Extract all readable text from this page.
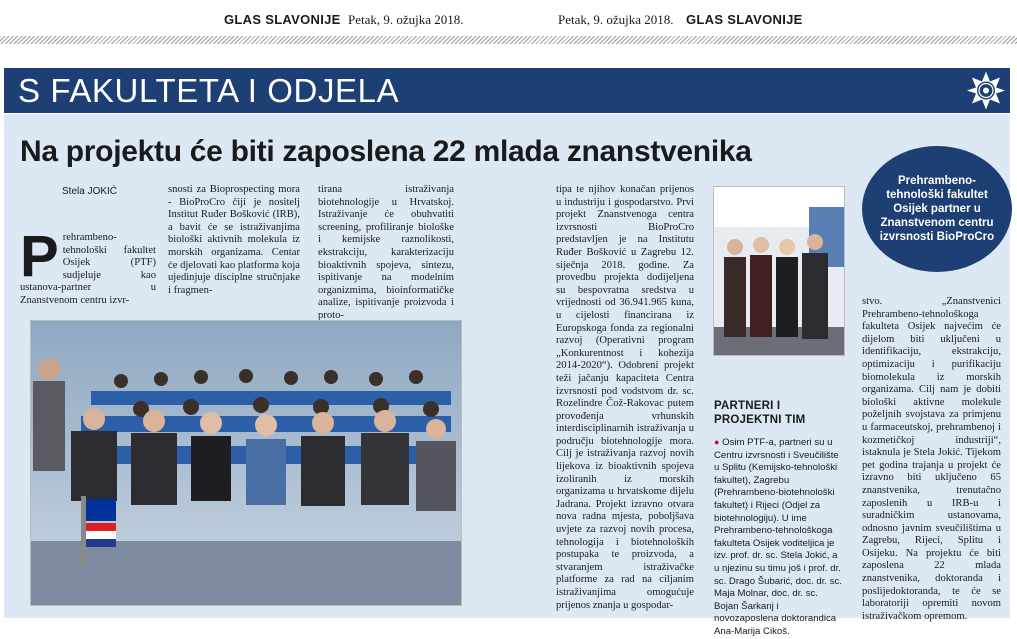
GLAS SLAVONIJE Petak, 9. ožujka 2018.	Petak, 9. ožujka 2018. GLAS SLAVONIJE
S FAKULTETA I ODJELA
Na projektu će biti zaposlena 22 mlada znanstvenika
Stela JOKIĆ
P rehrambeno-tehnološki fakultet Osijek (PTF) sudjeluje kao ustanova-partner u Znanstvenom centru izvr-

snosti za Bioprospecting mora - BioProCro čiji je nositelj Institut Ruđer Bošković (IRB), a bavit će se istraživanjima biološki aktivnih molekula iz morskih organizama. Centar će djelovati kao platforma koja ujedinjuje disciplne stručnjake i fragmen-

tirana istraživanja biotehnologije u Hrvatskoj. Istraživanje će obuhvatiti screening, profiliranje biološke i kemijske raznolikosti, ekstrakciju, karakterizaciju bioaktivnih spojeva, sintezu, ispitivanje na modelnim organizmima, bioinformatičke analize, ispitivanje proizvoda i proto-

tipa te njihov konačan prijenos u industriju i gospodarstvo. Prvi projekt Znanstvenoga centra izvrsnosti BioProCro predstavljen je na Institutu Ruđer Bošković u Zagrebu 12. siječnja 2018. godine. Za provedbu projekta dodijeljena su bespovratna sredstva u vrijednosti od 36.941.965 kuna, u cijelosti financirana iz Europskoga fonda za regionalni razvoj (Operativni program „Konkurentnost i kohezija 2014-2020“). Odobreni projekt teži jačanju kapaciteta Centra izvrsnosti pod vodstvom dr. sc. Rozelindre Čož-Rakovac putem provođenja vrhunskih interdisciplinarnih istraživanja u području biotehnologije mora. Cilj je istraživanja razvoj novih lijekova iz bioaktivnih spojeva izoliranih iz morskih organizama u hrvatskome dijelu Jadrana. Projekt izravno otvara nova radna mjesta, poboljšava uvjete za razvoj novih procesa, tehnologija i biotehnoloških postupaka te proizvoda, a stvaranjem istraživačke platforme za rad na ciljanim istraživanjima omogućuje prijenos znanja u gospodar-

PARTNERI I
PROJEKTNI TIM
● Osim PTF-a, partneri su u Centru izvrsnosti i Sveučilište u Splitu (Kemijsko-tehnološki fakultet), Zagrebu (Prehrambeno-biotehnološki fakultet) i Rijeci (Odjel za biotehnologiju). U ime Prehrambeno-tehnološkoga fakulteta Osijek voditeljica je izv. prof. dr. sc. Stela Jokić, a u njezinu su timu još i prof. dr. sc. Drago Šubarić, doc. dr. sc. Maja Molnar, doc. dr. sc. Bojan Šarkanj i novozaposlena doktorandica Ana-Marija Cikoš.
Prehrambeno-tehnološki fakultet Osijek partner u Znanstvenom centru izvrsnosti BioProCro

stvo. „Znanstvenici Prehrambeno-tehnološkoga fakulteta Osijek najvećim će dijelom biti uključeni u identifikaciju, ekstrakciju, optimizaciju i purifikaciju biomolekula iz morskih organizama. Cilj nam je dobiti biološki aktivne molekule poželjnih svojstava za primjenu u farmaceutskoj, prehrambenoj i kozmetičkoj industriji“, istaknula je Stela Jokić. Tijekom pet godina trajanja u projekt će izravno biti uključeno 65 znanstvenika, trenutačno zaposlenih u IRB-u i suradničkim ustanovama, odnosno javnim sveučilištima u Zagrebu, Rijeci, Splitu i Osijeku. Na projektu će biti zaposlena 22 mlada znanstvenika, doktoranda i poslijedoktoranda, te će se laboratoriji opremiti novom istraživačkom opremom.
